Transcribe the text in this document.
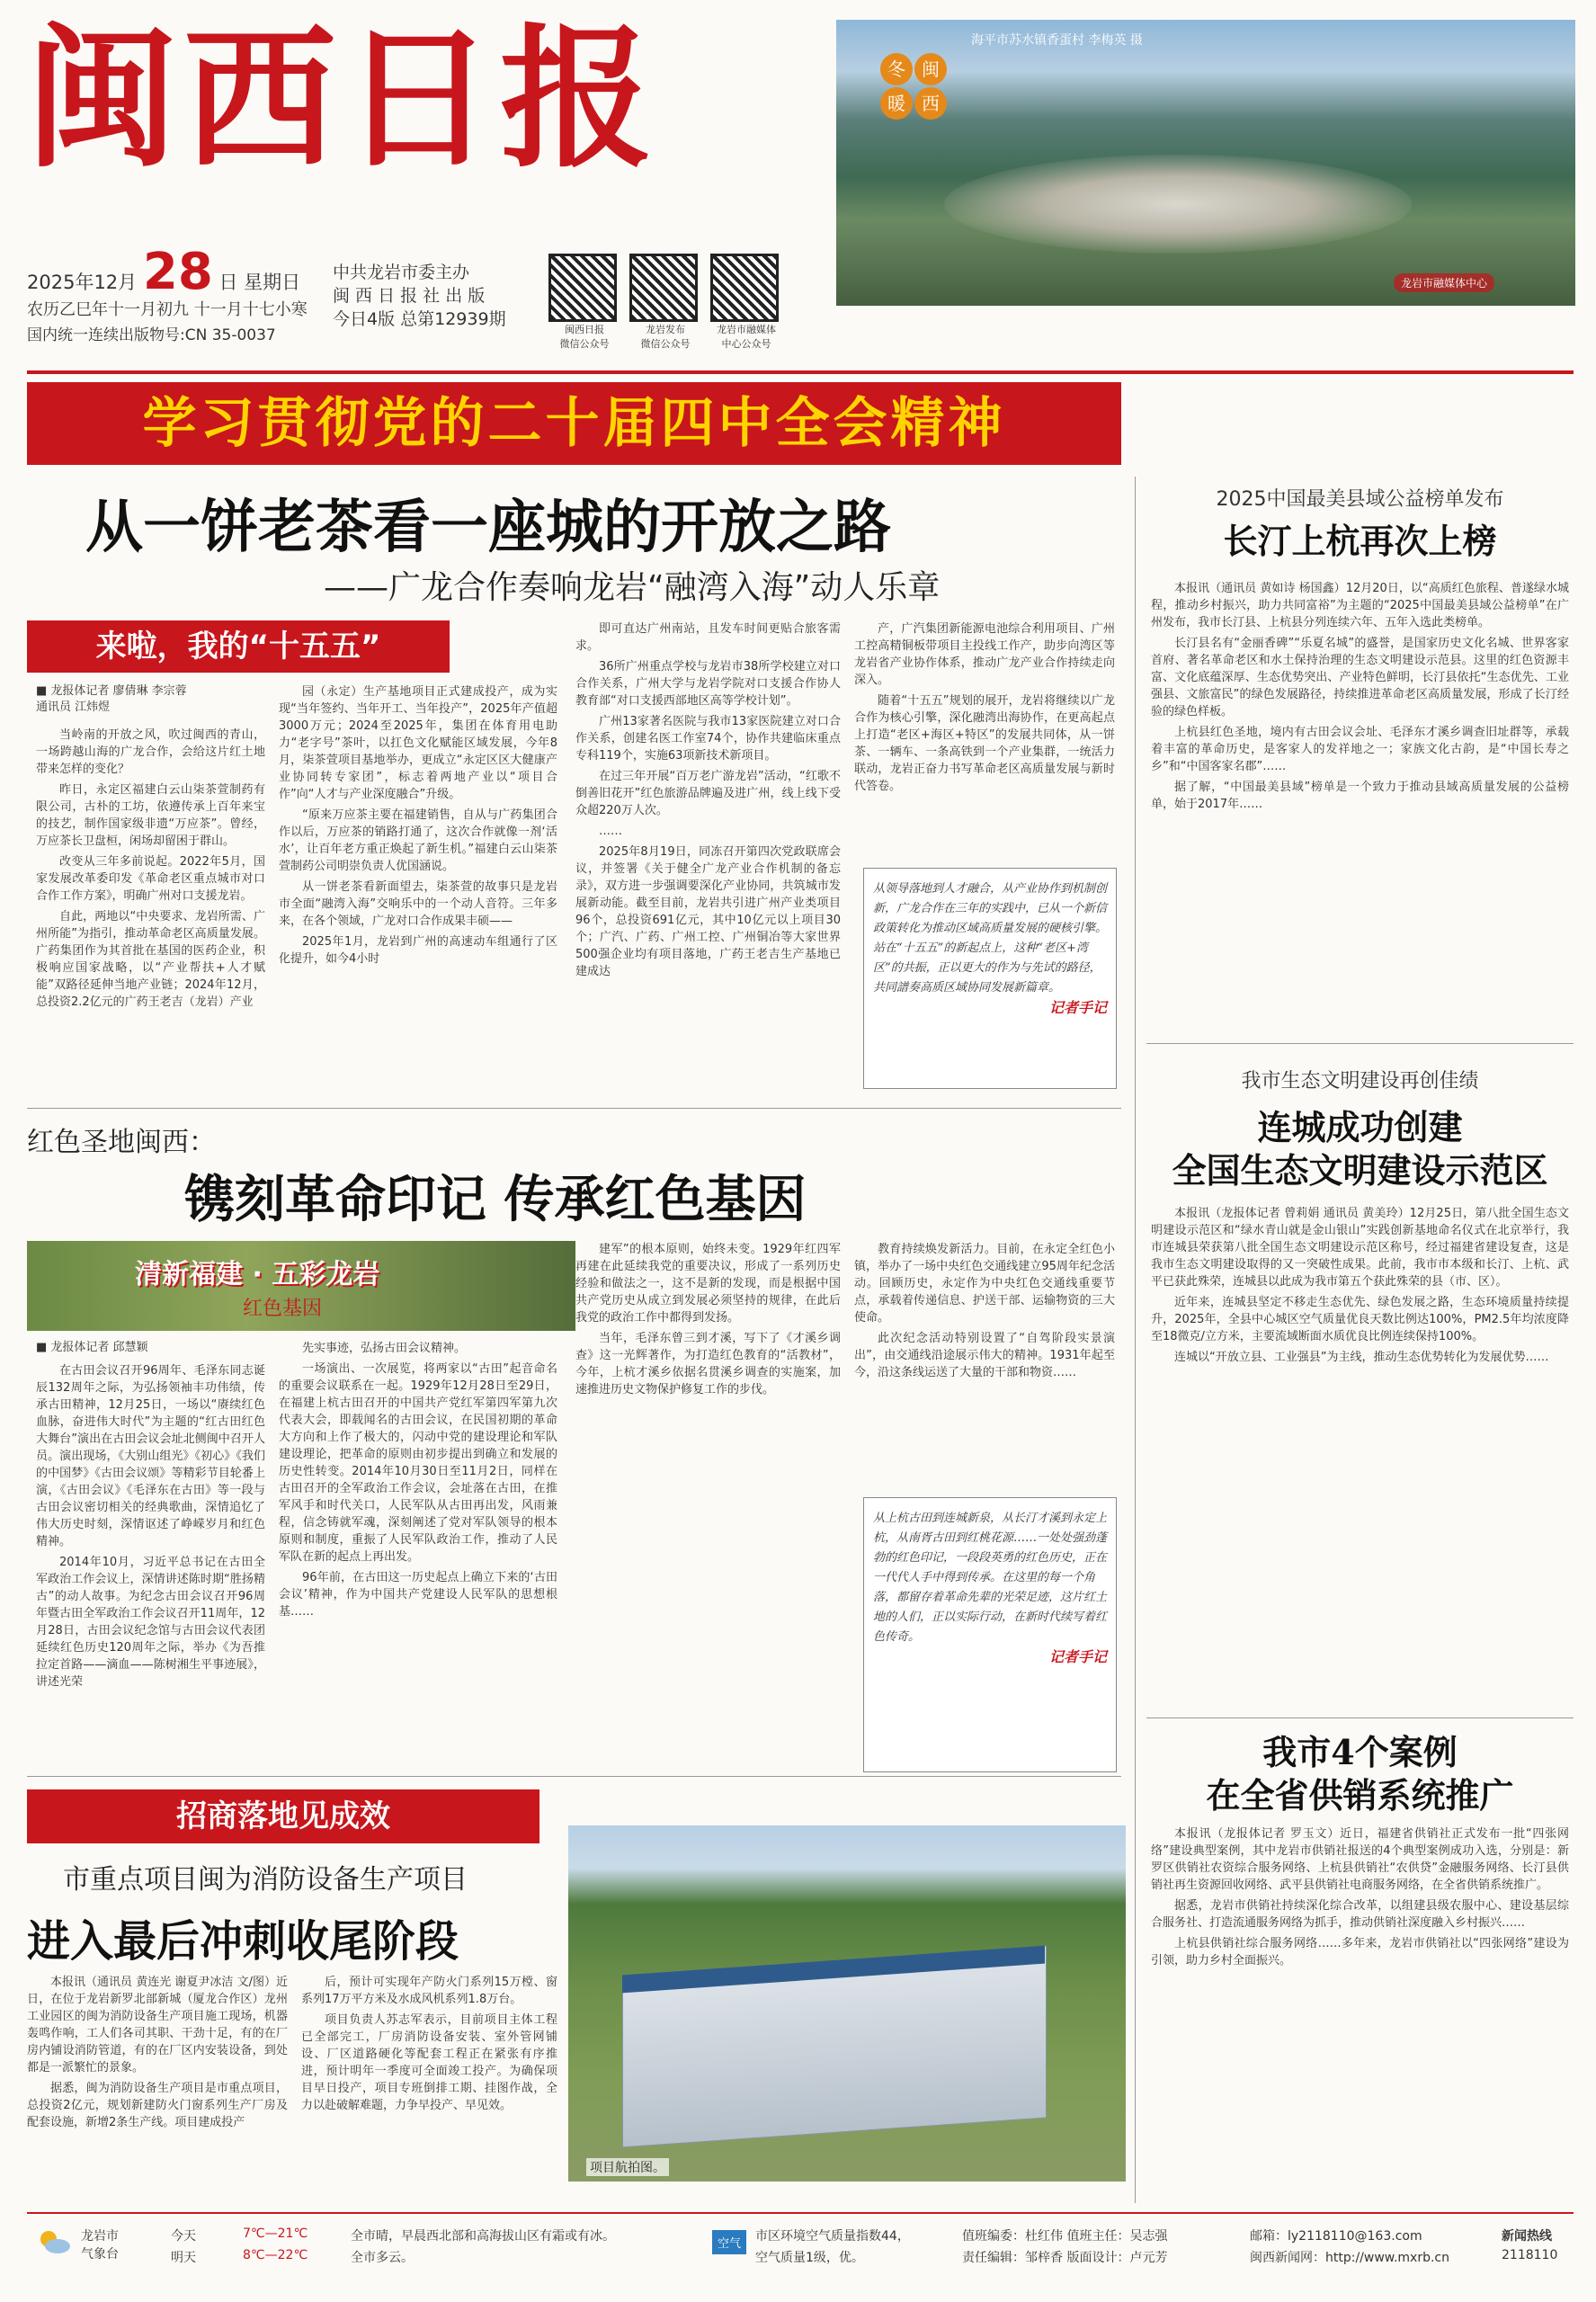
闽西日报
2025年12月 28 日 星期日
农历乙巳年十一月初九 十一月十七小寒
国内统一连续出版物号:CN 35-0037
中共龙岩市委主办
闽 西 日 报 社 出 版
今日4版 总第12939期
闽西日报
微信公众号
龙岩发布
微信公众号
龙岩市融媒体
中心公众号
海平市苏水镇香蛋村 李梅英 摄
冬 闽
暖 西
龙岩市融媒体中心
学习贯彻党的二十届四中全会精神
从一饼老茶看一座城的开放之路
——广龙合作奏响龙岩“融湾入海”动人乐章
来啦，我的“十五五”
■ 龙报体记者 廖倩琳 李宗蓉
通讯员 江炜煜

当岭南的开放之风，吹过闽西的青山，一场跨越山海的广龙合作，会给这片红土地带来怎样的变化？

昨日，永定区福建白云山柒茶萱制药有限公司，古朴的工坊，依遵传承上百年来宝的技艺，制作国家级非遗“万应茶”。曾经，万应茶长卫盘桓，闲场却留困于群山。

改变从三年多前说起。2022年5月，国家发展改革委印发《革命老区重点城市对口合作工作方案》，明确广州对口支援龙岩。

自此，两地以“中央要求、龙岩所需、广州所能”为指引，推动革命老区高质量发展。广药集团作为其首批在基国的医药企业，积极响应国家战略，以“产业帮扶+人才赋能”双路径延伸当地产业链；2024年12月，总投资2.2亿元的广药王老吉（龙岩）产业

园（永定）生产基地项目正式建成投产，成为实现“当年签约、当年开工、当年投产”，2025年产值超3000万元；2024至2025年，集团在体育用电助力“老字号”茶叶，以扛色文化赋能区域发展，今年8月，柒茶萱项目基地举办，更成立“永定区区大健康产业协同转专家团”，标志着两地产业以“项目合作”向“人才与产业深度融合”升级。

“原来万应茶主要在福建销售，自从与广药集团合作以后，万应茶的销路打通了，这次合作就像一剂‘活水’，让百年老方重正焕起了新生机。”福建白云山柒茶萱制药公司明崇负责人优国涵说。

从一饼老茶看新面望去，柒茶萱的故事只是龙岩市全面“融湾入海”交响乐中的一个动人音符。三年多来，在各个领域，广龙对口合作成果丰硕——

2025年1月，龙岩到广州的高速动车组通行了区化提升，如今4小时

即可直达广州南站，且发车时间更贴合旅客需求。

36所广州重点学校与龙岩市38所学校建立对口合作关系，广州大学与龙岩学院对口支援合作协人教育部“对口支援西部地区高等学校计划”。

广州13家著名医院与我市13家医院建立对口合作关系，创建名医工作室74个，协作共建临床重点专科119个，实施63项新技术新项目。

在过三年开展“百万老广游龙岩”活动，“红歌不倒善旧花开”红色旅游品牌遍及进广州，线上线下受众超220万人次。

……

2025年8月19日，同冻召开第四次党政联席会议，并签署《关于健全广龙产业合作机制的备忘录》，双方进一步强调要深化产业协同，共筑城市发展新动能。截至目前，龙岩共引进广州产业类项目96个，总投资691亿元，其中10亿元以上项目30个；广汽、广药、广州工控、广州铜冶等大家世界500强企业均有项目落地，广药王老吉生产基地已建成达

产，广汽集团新能源电池综合利用项目、广州工控高精铜板带项目主投线工作产，助步向湾区等龙岩省产业协作体系，推动广龙产业合作持续走向深入。

随着“十五五”规划的展开，龙岩将继续以广龙合作为核心引擎，深化融湾出海协作，在更高起点上打造“老区+海区+特区”的发展共同体，从一饼茶、一辆车、一条高铁到一个产业集群，一统活力联动，龙岩正奋力书写革命老区高质量发展与新时代答卷。

从领导落地到人才融合，从产业协作到机制创新，广龙合作在三年的实践中，已从一个新信政策转化为推动区域高质量发展的硬核引擎。站在“十五五”的新起点上，这种“老区+湾区”的共振，正以更大的作为与先试的路径，共同譜奏高质区域协同发展新篇章。
记者手记
红色圣地闽西：
镌刻革命印记 传承红色基因
清新福建 · 五彩龙岩
红色基因
■ 龙报体记者 邱慧颖

在古田会议召开96周年、毛泽东同志诞辰132周年之际，为弘扬领袖丰功伟绩，传承古田精神，12月25日，一场以“赓续红色血脉，奋进伟大时代”为主题的“红古田红色大舞台”演出在古田会议会址北侧闽中召开人员。演出现场，《大别山组光》《初心》《我们的中国梦》《古田会议颂》等精彩节目轮番上演，《古田会议》《毛泽东在古田》等一段与古田会议密切相关的经典歌曲，深情追忆了伟大历史时刻，深情讴述了峥嵘岁月和红色精神。

2014年10月，习近平总书记在古田全军政治工作会议上，深情讲述陈时期“胜扬精古”的动人故事。为纪念古田会议召开96周年暨古田全军政治工作会议召开11周年，12月28日，古田会议纪念馆与古田会议代表团延续红色历史120周年之际，举办《为吾推拉定首路——滴血——陈树湘生平事迹展》，讲述光荣

先实事迹，弘扬古田会议精神。

一场演出、一次展览，将两家以“古田”起音命名的重要会议联系在一起。1929年12月28日至29日，在福建上杭古田召开的中国共产党红军第四军第九次代表大会，即载闻名的古田会议，在民国初期的革命大方向和上作了极大的，闪动中党的建设理论和军队建设理论，把革命的原则由初步提出到确立和发展的历史性转变。2014年10月30日至11月2日，同样在古田召开的全军政治工作会议，会址落在古田，在推军风手和时代关口，人民军队从古田再出发，风雨兼程，信念铸就军魂，深刻阐述了党对军队领导的根本原则和制度，重振了人民军队政治工作，推动了人民军队在新的起点上再出发。

96年前，在古田这一历史起点上确立下来的‘古田会议’精神，作为中国共产党建设人民军队的思想根基……

建军”的根本原则，始终未变。1929年红四军再建在此延续我党的重要决议，形成了一系列历史经验和做法之一，这不是新的发现，而是根据中国共产党历史从成立到发展必须坚持的规律，在此后我党的政治工作中都得到发扬。

当年，毛泽东曾三到才溪，写下了《才溪乡调查》这一光辉著作，为打造红色教育的“活教材”，今年，上杭才溪乡依据名贯溪乡调查的实施案，加速推进历史文物保护修复工作的步伐。

教育持续焕发新活力。目前，在永定全红色小镇，举办了一场中央红色交通线建立95周年纪念活动。回顾历史，永定作为中央红色交通线重要节点，承载着传递信息、护送干部、运输物资的三大使命。

此次纪念活动特别设置了“自驾阶段实景演出”，由交通线沿途展示伟大的精神。1931年起至今，沿这条线运送了大量的干部和物资……

从上杭古田到连城新泉，从长汀才溪到永定上杭，从南胥古田到红桃花源……一处处强劲蓬勃的红色印记，一段段英勇的红色历史，正在一代代人手中得到传承。在这里的每一个角落，都留存着革命先辈的光荣足迹，这片红土地的人们，正以实际行动，在新时代续写着红色传奇。
记者手记
招商落地见成效
市重点项目闽为消防设备生产项目
进入最后冲刺收尾阶段

本报讯（通讯员 黄连光 谢夏尹冰洁 文/图）近日，在位于龙岩新罗北部新城（厦龙合作区）龙州工业园区的闽为消防设备生产项目施工现场，机器轰鸣作响，工人们各司其职、干劲十足，有的在厂房内铺设消防管道，有的在厂区内安装设备，到处都是一派繁忙的景象。

据悉，闽为消防设备生产项目是市重点项目，总投资2亿元，规划新建防火门窗系列生产厂房及配套设施，新增2条生产线。项目建成投产

后，预计可实现年产防火门系列15万樘、窗系列17万平方米及水成风机系列1.8万台。

项目负责人苏志军表示，目前项目主体工程已全部完工，厂房消防设备安装、室外管网铺设、厂区道路硬化等配套工程正在紧张有序推进，预计明年一季度可全面竣工投产。为确保项目早日投产，项目专班倒排工期、挂图作战，全力以赴破解难题，力争早投产、早见效。

项目航拍图。
2025中国最美县域公益榜单发布
长汀上杭再次上榜

本报讯（通讯员 黄如诗 杨国鑫）12月20日，以“高质红色旅程、普遂绿水城程，推动乡村振兴，助力共同富裕”为主题的“2025中国最美县域公益榜单”在广州发布，我市长汀县、上杭县分列连续六年、五年入选此类榜单。

长汀县名有“金丽香碑”“乐夏名城”的盛誉，是国家历史文化名城、世界客家首府、著名革命老区和水土保持治理的生态文明建设示范县。这里的红色资源丰富、文化底蕴深厚、生态优势突出、产业特色鲜明，长汀县依托“生态优先、工业强县、文旅富民”的绿色发展路径，持续推进革命老区高质量发展，形成了长汀经验的绿色样板。

上杭县红色圣地，境内有古田会议会址、毛泽东才溪乡调查旧址群等，承载着丰富的革命历史，是客家人的发祥地之一；家族文化古韵，是“中国长寿之乡”和“中国客家名郡”……

据了解，“中国最美县域”榜单是一个致力于推动县域高质量发展的公益榜单，始于2017年……

我市生态文明建设再创佳绩
连城成功创建
全国生态文明建设示范区

本报讯（龙报体记者 曾莉娟 通讯员 黄美玲）12月25日，第八批全国生态文明建设示范区和“绿水青山就是金山银山”实践创新基地命名仪式在北京举行，我市连城县荣获第八批全国生态文明建设示范区称号，经过福建省建设复查，这是我市生态文明建设取得的又一突破性成果。此前，我市市本级和长汀、上杭、武平已获此殊荣，连城县以此成为我市第五个获此殊荣的县（市、区）。

近年来，连城县坚定不移走生态优先、绿色发展之路，生态环境质量持续提升，2025年，全县中心城区空气质量优良天数比例达100%，PM2.5年均浓度降至18微克/立方米，主要流域断面水质优良比例连续保持100%。

连城以“开放立县、工业强县”为主线，推动生态优势转化为发展优势……

我市4个案例
在全省供销系统推广

本报讯（龙报体记者 罗玉文）近日，福建省供销社正式发布一批“四张网络”建设典型案例，其中龙岩市供销社报送的4个典型案例成功入选，分别是：新罗区供销社农资综合服务网络、上杭县供销社“农供贷”金融服务网络、长汀县供销社再生资源回收网络、武平县供销社电商服务网络，在全省供销系统推广。

据悉，龙岩市供销社持续深化综合改革，以组建县级农服中心、建设基层综合服务社、打造流通服务网络为抓手，推动供销社深度融入乡村振兴……

上杭县供销社综合服务网络……多年来，龙岩市供销社以“四张网络”建设为引领，助力乡村全面振兴。

龙岩市
气象台
今天
明天
7℃—21℃
8℃—22℃
全市晴，早晨西北部和高海拔山区有霜或有冰。
全市多云。
空气
市区环境空气质量指数44，
空气质量1级，优。
值班编委：杜红伟 值班主任：吴志强
责任编辑：邹梓香 版面设计：卢元芳
邮箱：ly2118110@163.com
闽西新闻网：http://www.mxrb.cn
新闻热线
2118110
